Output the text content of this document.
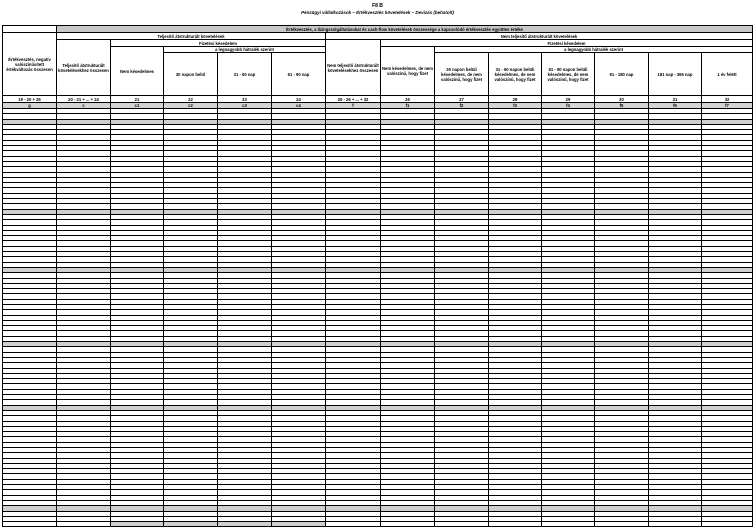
F8 B
Pénzügyi vállalkozások – Értékvesztés követelések – Devizás (behatolt)
	Értékvesztés, a lízingszolgáltatásokat és cash-flow követelések összessége a kapcsolódó értékvesztés együttes értéke												
Értékvesztés, negatív valószínűsített értékváltozás összesen	Teljesítő átstrukturált követelések					Nem teljesítő átstrukturált követelések							
	Teljesítő átstrukturált követelésekhez összesen	Fizetési késedelem				Nem teljesítő átstrukturált követelésekhez összesen	Fizetési késedelem						
		Nem késedelmes	a legnagyobb hátralék szerint				Nem késedelmes, de nem valószínű, hogy fizet	a legnagyobb hátralék szerint					
			30 napon belül	31 - 60 nap	61 - 90 nap			30 napon belüli késedelmes, de nem valószínű, hogy fizet	31 - 60 napon belüli késedelmes, de nem valószínű, hogy fizet	61 - 90 napon belüli késedelmes, de nem valószínű, hogy fizet	91 - 180 nap	181 nap - 365 nap	1 év felett

19 - 20 + 25	20 - 21 + ... + 24	21	22	23	24	25 - 26 + ... + 32	26	27	28	29	30	31	32
g	c	c1	c2	c3	c4	f	f1	f2	f3	f4	f5	f6	f7
